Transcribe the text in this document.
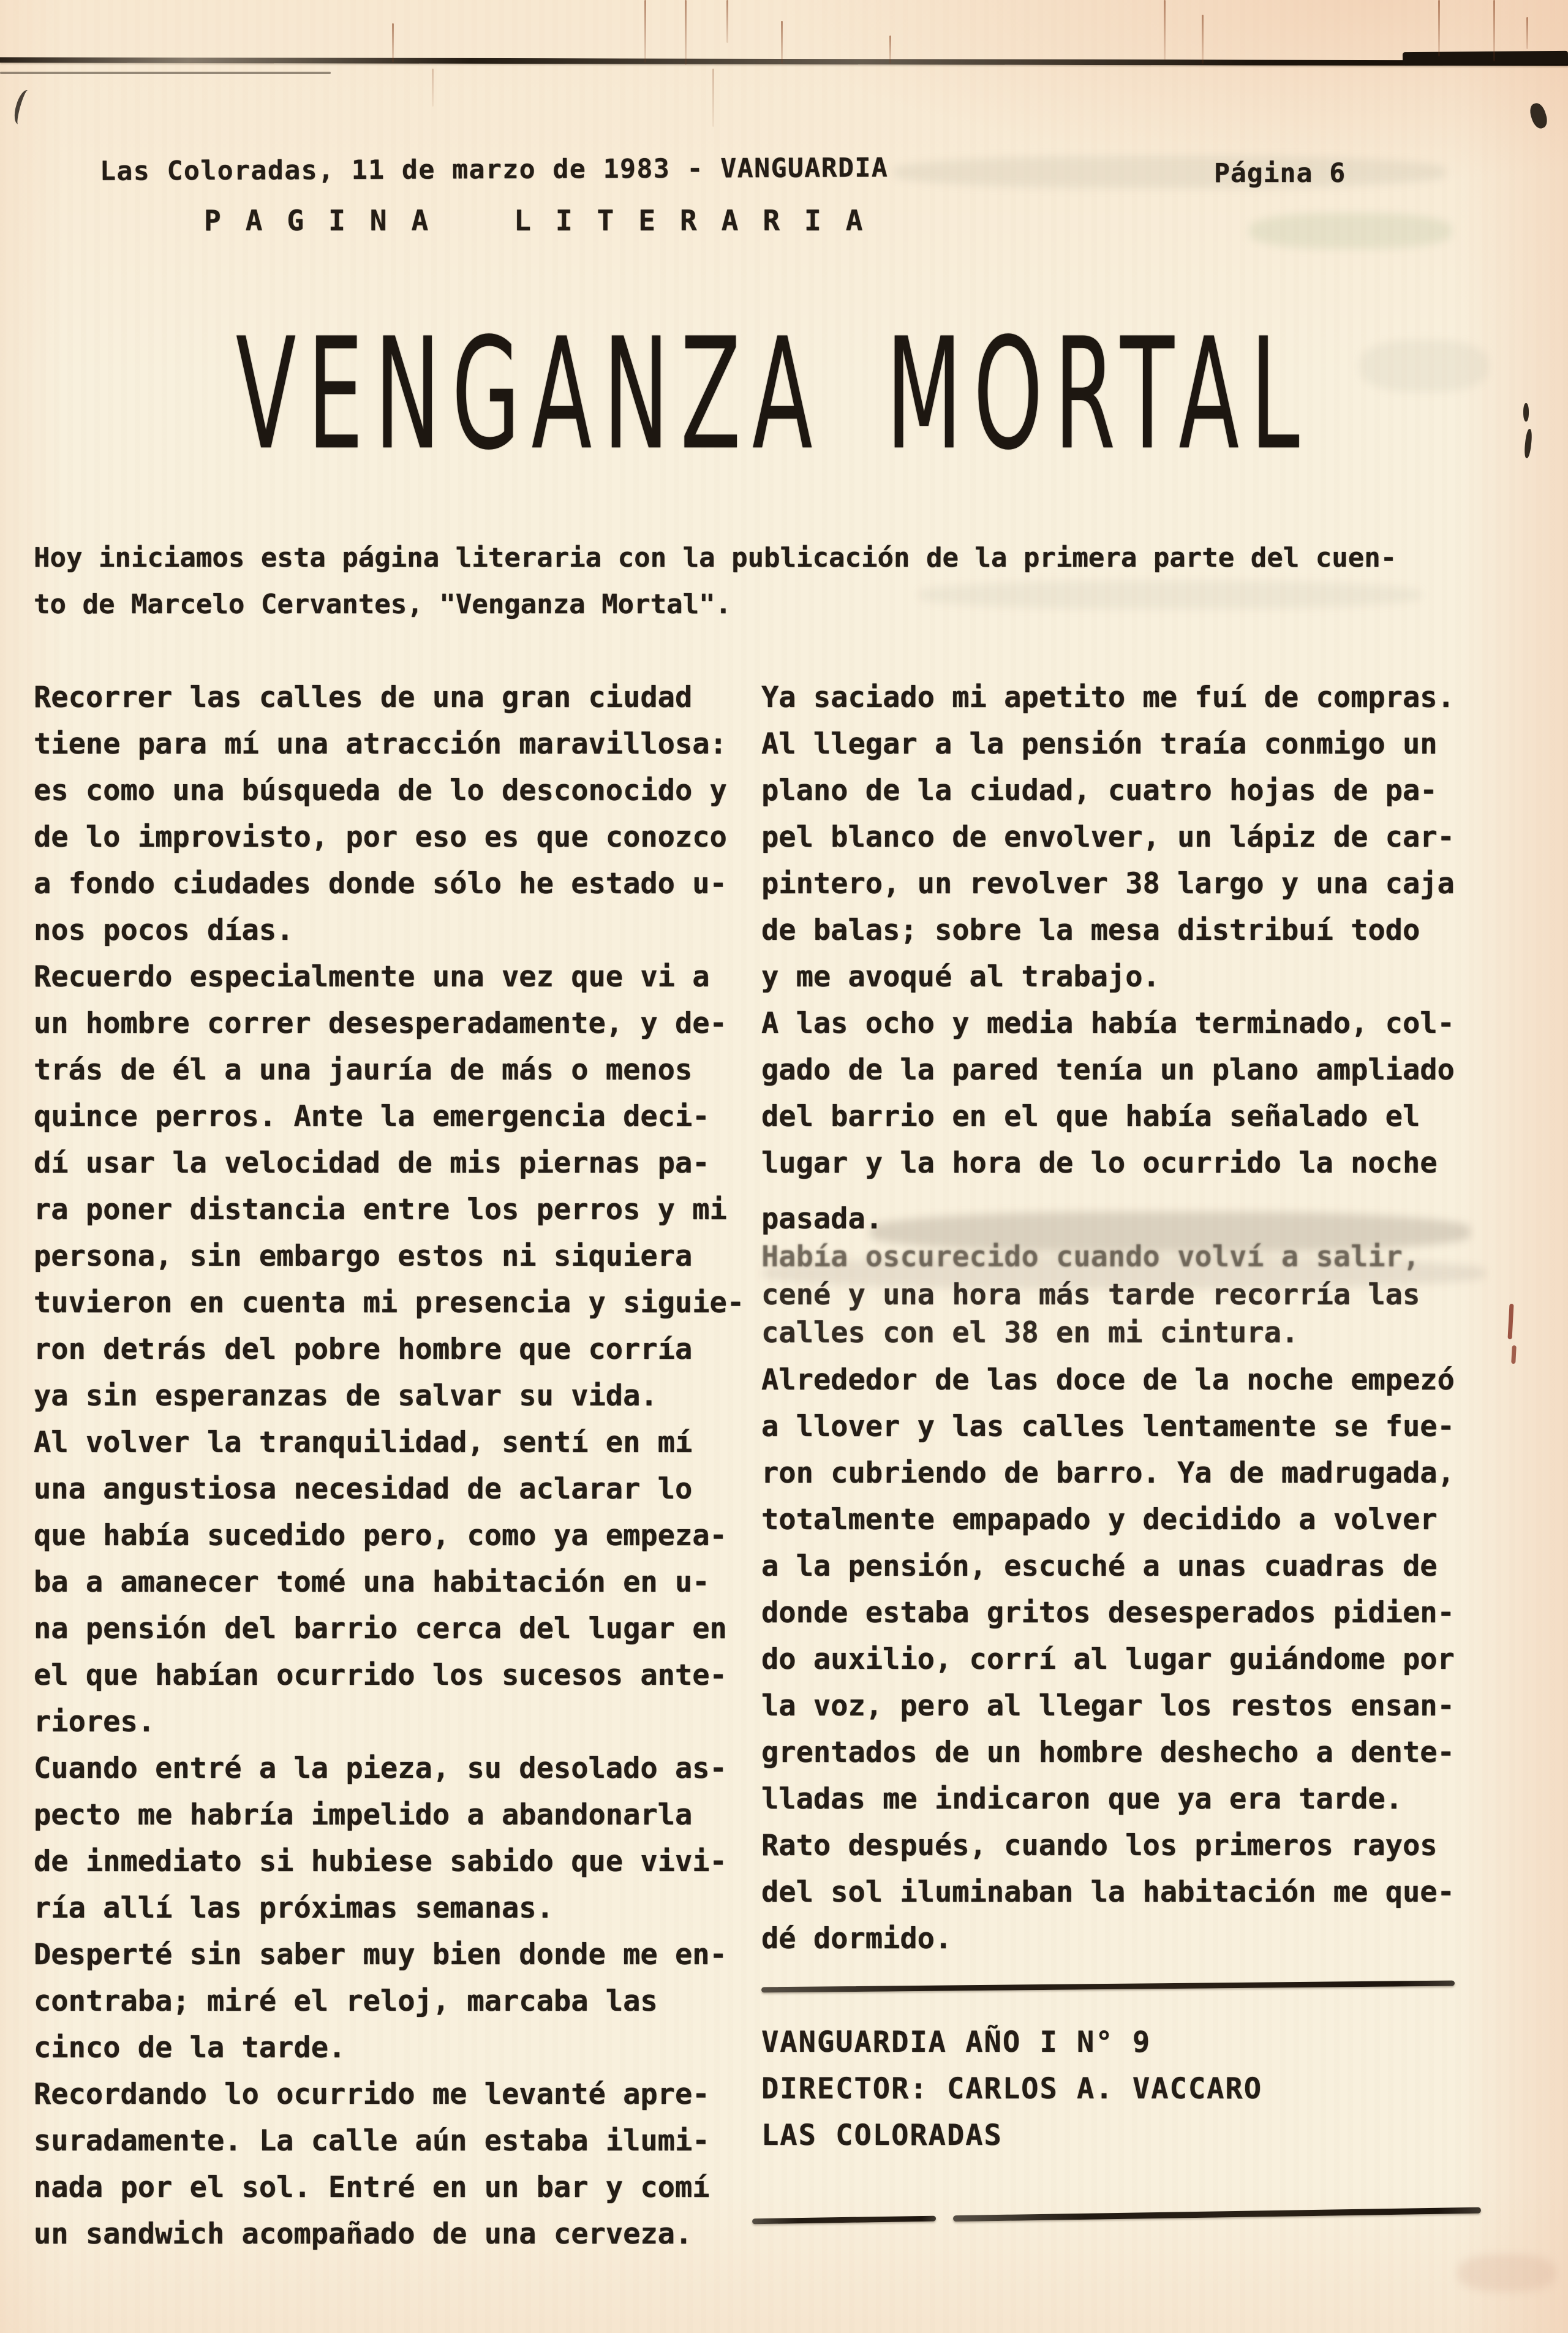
Las Coloradas, 11 de marzo de 1983 - VANGUARDIA	Página 6
PAGINA LITERARIA
VENGANZA MORTAL
Hoy iniciamos esta página literaria con la publicación de la primera parte del cuen-
to de Marcelo Cervantes, "Venganza Mortal".
Recorrer las calles de una gran ciudad
tiene para mí una atracción maravillosa:
es como una búsqueda de lo desconocido y
de lo improvisto, por eso es que conozco
a fondo ciudades donde sólo he estado u-
nos pocos días.
Recuerdo especialmente una vez que vi a
un hombre correr desesperadamente, y de-
trás de él a una jauría de más o menos
quince perros. Ante la emergencia deci-
dí usar la velocidad de mis piernas pa-
ra poner distancia entre los perros y mi
persona, sin embargo estos ni siquiera
tuvieron en cuenta mi presencia y siguie-
ron detrás del pobre hombre que corría
ya sin esperanzas de salvar su vida.
Al volver la tranquilidad, sentí en mí
una angustiosa necesidad de aclarar lo
que había sucedido pero, como ya empeza-
ba a amanecer tomé una habitación en u-
na pensión del barrio cerca del lugar en
el que habían ocurrido los sucesos ante-
riores.
Cuando entré a la pieza, su desolado as-
pecto me habría impelido a abandonarla
de inmediato si hubiese sabido que vivi-
ría allí las próximas semanas.
Desperté sin saber muy bien donde me en-
contraba; miré el reloj, marcaba las
cinco de la tarde.
Recordando lo ocurrido me levanté apre-
suradamente. La calle aún estaba ilumi-
nada por el sol. Entré en un bar y comí
un sandwich acompañado de una cerveza.
Ya saciado mi apetito me fuí de compras.
Al llegar a la pensión traía conmigo un
plano de la ciudad, cuatro hojas de pa-
pel blanco de envolver, un lápiz de car-
pintero, un revolver 38 largo y una caja
de balas; sobre la mesa distribuí todo
y me avoqué al trabajo.
A las ocho y media había terminado, col-
gado de la pared tenía un plano ampliado
del barrio en el que había señalado el
lugar y la hora de lo ocurrido la noche
pasada.
Había oscurecido cuando volví a salir,
cené y una hora más tarde recorría las
calles con el 38 en mi cintura.
Alrededor de las doce de la noche empezó
a llover y las calles lentamente se fue-
ron cubriendo de barro. Ya de madrugada,
totalmente empapado y decidido a volver
a la pensión, escuché a unas cuadras de
donde estaba gritos desesperados pidien-
do auxilio, corrí al lugar guiándome por
la voz, pero al llegar los restos ensan-
grentados de un hombre deshecho a dente-
lladas me indicaron que ya era tarde.
Rato después, cuando los primeros rayos
del sol iluminaban la habitación me que-
dé dormido.
VANGUARDIA AÑO I N° 9
DIRECTOR: CARLOS A. VACCARO
LAS COLORADAS
